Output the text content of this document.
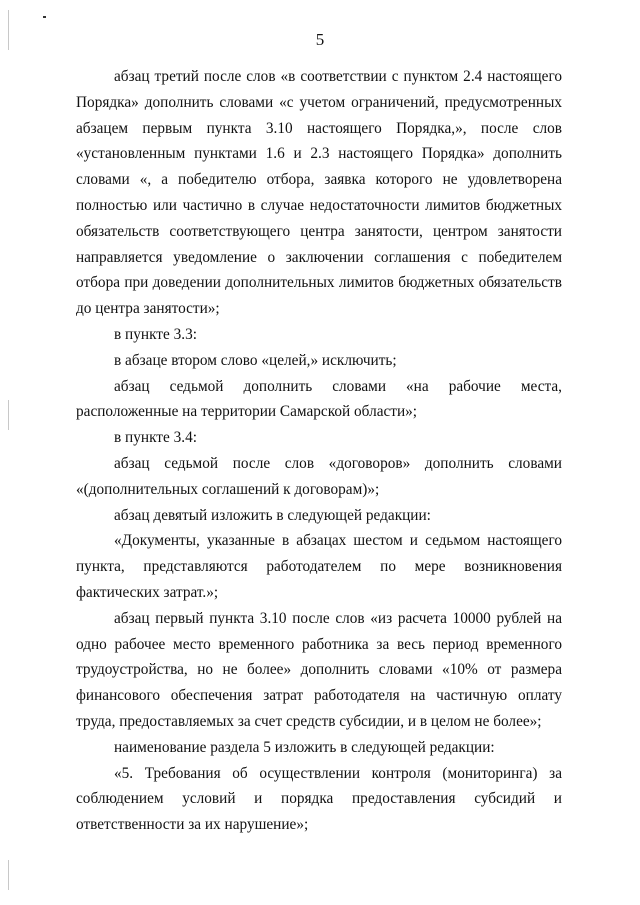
5

абзац третий после слов «в соответствии с пунктом 2.4 настоящего Порядка» дополнить словами «с учетом ограничений, предусмотренных абзацем первым пункта 3.10 настоящего Порядка,», после слов «установленным пунктами 1.6 и 2.3 настоящего Порядка» дополнить словами «, а победителю отбора, заявка которого не удовлетворена полностью или частично в случае недостаточности лимитов бюджетных обязательств соответствующего центра занятости, центром занятости направляется уведомление о заключении соглашения с победителем отбора при доведении дополнительных лимитов бюджетных обязательств до центра занятости»;

в пункте 3.3:

в абзаце втором слово «целей,» исключить;

абзац седьмой дополнить словами «на рабочие места, расположенные на территории Самарской области»;

в пункте 3.4:

абзац седьмой после слов «договоров» дополнить словами «(дополнительных соглашений к договорам)»;

абзац девятый изложить в следующей редакции:

«Документы, указанные в абзацах шестом и седьмом настоящего пункта, представляются работодателем по мере возникновения фактических затрат.»;

абзац первый пункта 3.10 после слов «из расчета 10000 рублей на одно рабочее место временного работника за весь период временного трудоустройства, но не более» дополнить словами «10% от размера финансового обеспечения затрат работодателя на частичную оплату труда, предоставляемых за счет средств субсидии, и в целом не более»;

наименование раздела 5 изложить в следующей редакции:

«5. Требования об осуществлении контроля (мониторинга) за соблюдением условий и порядка предоставления субсидий и ответственности за их нарушение»;
